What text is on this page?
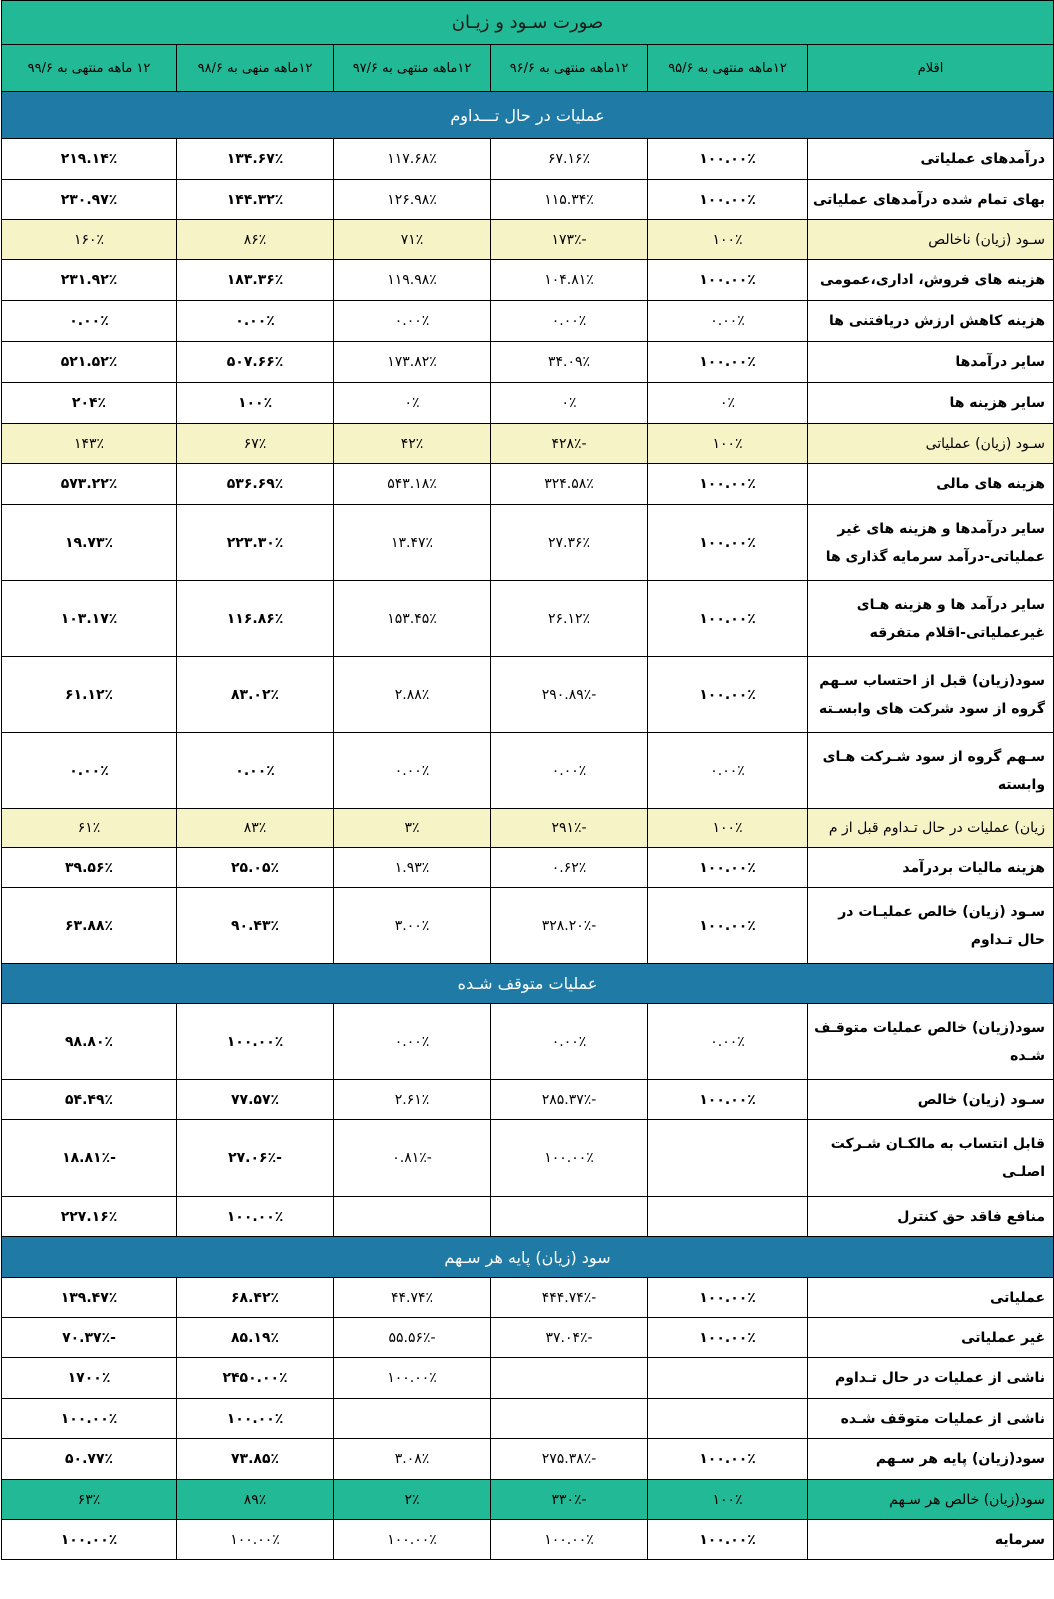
صورت سـود و زیـان					
اقلام	۱۲ماهه منتهی به ۹۵/۶	۱۲ماهه منتهی به ۹۶/۶	۱۲ماهه منتهی به ۹۷/۶	۱۲ماهه منهی به ۹۸/۶	۱۲ ماهه منتهی به ۹۹/۶
عملیات در حال تـــداوم					
درآمدهای عملیاتی	۱۰۰.۰۰٪	۶۷.۱۶٪	۱۱۷.۶۸٪	۱۳۴.۶۷٪	۲۱۹.۱۴٪
بهای تمام شده درآمدهای عملیاتی	۱۰۰.۰۰٪	۱۱۵.۳۴٪	۱۲۶.۹۸٪	۱۴۴.۳۲٪	۲۳۰.۹۷٪
سـود (زیان) ناخالص	۱۰۰٪	-۱۷۳٪	۷۱٪	۸۶٪	۱۶۰٪
هزینه های فروش، اداری،عمومی	۱۰۰.۰۰٪	۱۰۴.۸۱٪	۱۱۹.۹۸٪	۱۸۳.۳۶٪	۲۳۱.۹۲٪
هزینه کاهش ارزش دریافتنی ها	۰.۰۰٪	۰.۰۰٪	۰.۰۰٪	۰.۰۰٪	۰.۰۰٪
سایر درآمدها	۱۰۰.۰۰٪	۳۴.۰۹٪	۱۷۳.۸۲٪	۵۰۷.۶۶٪	۵۲۱.۵۲٪
سایر هزینه ها	۰٪	۰٪	۰٪	۱۰۰٪	۲۰۴٪
سـود (زیان) عملیاتی	۱۰۰٪	-۴۲۸٪	۴۲٪	۶۷٪	۱۴۳٪
هزینه های مالی	۱۰۰.۰۰٪	۳۲۴.۵۸٪	۵۴۳.۱۸٪	۵۳۶.۶۹٪	۵۷۳.۲۲٪
سایر درآمدها و هزینه های غیر عملیاتی-درآمد سرمایه گذاری ها	۱۰۰.۰۰٪	۲۷.۳۶٪	۱۳.۴۷٪	۲۲۳.۳۰٪	۱۹.۷۳٪
سایر درآمد ها و هزینه هـای غیرعملیاتی-اقلام متفرقه	۱۰۰.۰۰٪	۲۶.۱۲٪	۱۵۳.۴۵٪	۱۱۶.۸۶٪	۱۰۳.۱۷٪
سود(زیان) قبل از احتساب سـهم گروه از سود شرکت های وابسـته	۱۰۰.۰۰٪	-۲۹۰.۸۹٪	۲.۸۸٪	۸۳.۰۲٪	۶۱.۱۲٪
سـهم گروه از سود شـرکت هـای وابسته	۰.۰۰٪	۰.۰۰٪	۰.۰۰٪	۰.۰۰٪	۰.۰۰٪
زیان) عملیات در حال تـداوم قبل از م	۱۰۰٪	-۲۹۱٪	۳٪	۸۳٪	۶۱٪
هزینه مالیات بردرآمد	۱۰۰.۰۰٪	۰.۶۲٪	۱.۹۳٪	۲۵.۰۵٪	۳۹.۵۶٪
سـود (زیان) خالص عملیـات در حال تـداوم	۱۰۰.۰۰٪	-۳۲۸.۲۰٪	۳.۰۰٪	۹۰.۴۳٪	۶۳.۸۸٪
عملیات متوقف شـده					
سود(زیان) خالص عملیات متوقـف شـده	۰.۰۰٪	۰.۰۰٪	۰.۰۰٪	۱۰۰.۰۰٪	۹۸.۸۰٪
سـود (زیان) خالص	۱۰۰.۰۰٪	-۲۸۵.۳۷٪	۲.۶۱٪	۷۷.۵۷٪	۵۴.۴۹٪
قابل انتساب به مالکـان شـرکت اصلـی		۱۰۰.۰۰٪	-۰.۸۱٪	-۲۷.۰۶٪	-۱۸.۸۱٪
منافع فاقد حق کنترل				۱۰۰.۰۰٪	۲۲۷.۱۶٪
سود (زیان) پایه هر سـهم					
عملیاتی	۱۰۰.۰۰٪	-۴۴۴.۷۴٪	۴۴.۷۴٪	۶۸.۴۲٪	۱۳۹.۴۷٪
غیر عملیاتی	۱۰۰.۰۰٪	-۳۷.۰۴٪	-۵۵.۵۶٪	۸۵.۱۹٪	-۷۰.۳۷٪
ناشی از عملیات در حال تـداوم			۱۰۰.۰۰٪	۲۴۵۰.۰۰٪	۱۷۰۰٪
ناشی از عملیات متوقف شـده				۱۰۰.۰۰٪	۱۰۰.۰۰٪
سود(زیان) پایه هر سـهم	۱۰۰.۰۰٪	-۲۷۵.۳۸٪	۳.۰۸٪	۷۳.۸۵٪	۵۰.۷۷٪
سود(زیان) خالص هر سـهم	۱۰۰٪	-۳۳۰٪	۲٪	۸۹٪	۶۳٪
سرمایه	۱۰۰.۰۰٪	۱۰۰.۰۰٪	۱۰۰.۰۰٪	۱۰۰.۰۰٪	۱۰۰.۰۰٪
